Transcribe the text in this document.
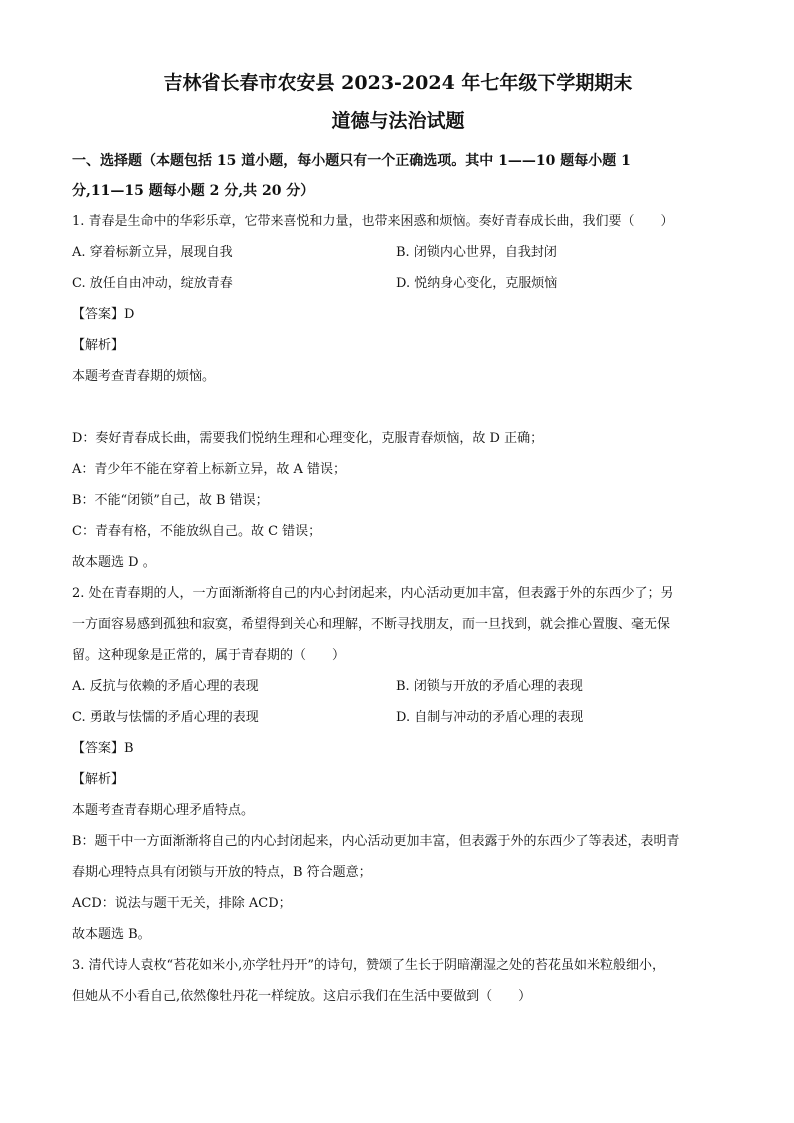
吉林省长春市农安县 2023-2024 年七年级下学期期末
道德与法治试题
一、选择题（本题包括 15 道小题，每小题只有一个正确选项。其中 1——10 题每小题 1
分,11—15 题每小题 2 分,共 20 分）
1. 青春是生命中的华彩乐章，它带来喜悦和力量，也带来困惑和烦恼。奏好青春成长曲，我们要（　　）
A. 穿着标新立异，展现自我	B. 闭锁内心世界，自我封闭
C. 放任自由冲动，绽放青春	D. 悦纳身心变化，克服烦恼
【答案】D
【解析】
本题考查青春期的烦恼。
D：奏好青春成长曲，需要我们悦纳生理和心理变化，克服青春烦恼，故 D 正确；
A：青少年不能在穿着上标新立异，故 A 错误；
B：不能“闭锁”自己，故 B 错误；
C：青春有格，不能放纵自己。故 C 错误；
故本题选 D 。
2. 处在青春期的人，一方面渐渐将自己的内心封闭起来，内心活动更加丰富，但表露于外的东西少了；另
一方面容易感到孤独和寂寞，希望得到关心和理解，不断寻找朋友，而一旦找到，就会推心置腹、毫无保
留。这种现象是正常的，属于青春期的（　　）
A. 反抗与依赖的矛盾心理的表现	B. 闭锁与开放的矛盾心理的表现
C. 勇敢与怯懦的矛盾心理的表现	D. 自制与冲动的矛盾心理的表现
【答案】B
【解析】
本题考查青春期心理矛盾特点。
B：题干中一方面渐渐将自己的内心封闭起来，内心活动更加丰富，但表露于外的东西少了等表述，表明青
春期心理特点具有闭锁与开放的特点，B 符合题意；
ACD：说法与题干无关，排除 ACD；
故本题选 B。
3. 清代诗人袁枚“苔花如米小,亦学牡丹开”的诗句，赞颂了生长于阴暗潮湿之处的苔花虽如米粒般细小，
但她从不小看自己,依然像牡丹花一样绽放。这启示我们在生活中要做到（　　）
